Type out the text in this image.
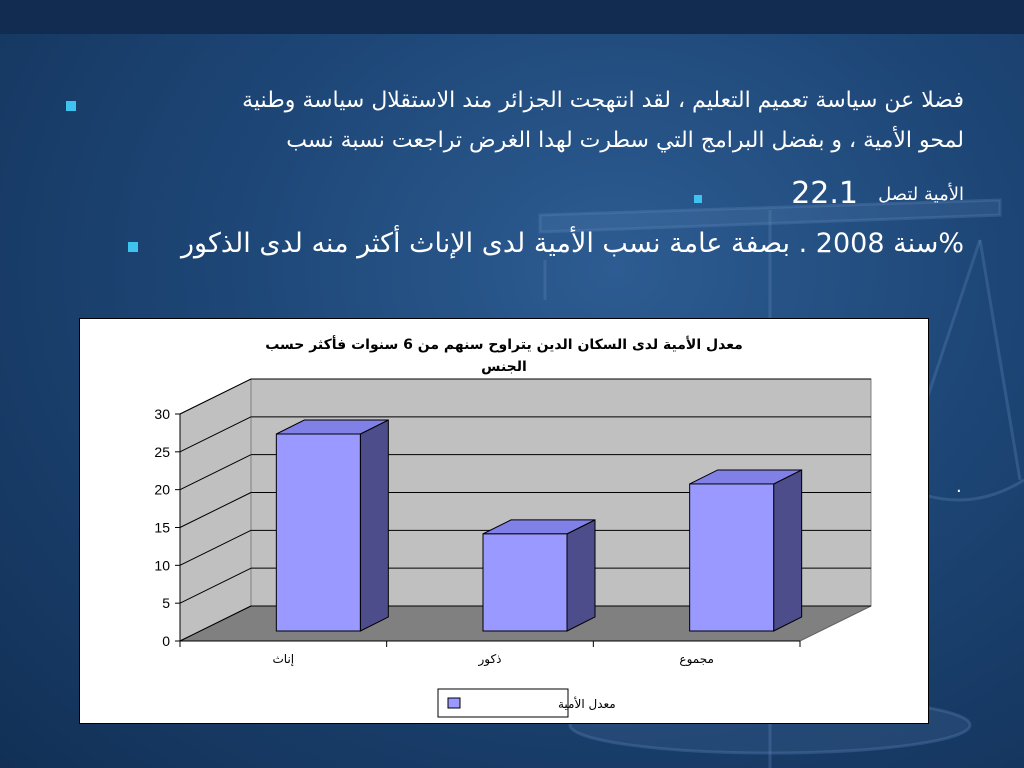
فضلا عن سياسة تعميم التعليم ، لقد انتهجت الجزائر مند الاستقلال سياسة وطنية
لمحو الأمية ، و بفضل البرامج التي سطرت لهدا الغرض تراجعت نسبة نسب
الأمية لتصل
22.1
%سنة 2008 . بصفة عامة نسب الأمية لدى الإناث أكثر منه لدى الذكور
.
معدل الأمية لدى السكان الدين يتراوح سنهم من 6 سنوات فأكثر حسب
الجنس
0
5
10
15
20
25
30
إناث	ذكور	مجموع
معدل الأمية
